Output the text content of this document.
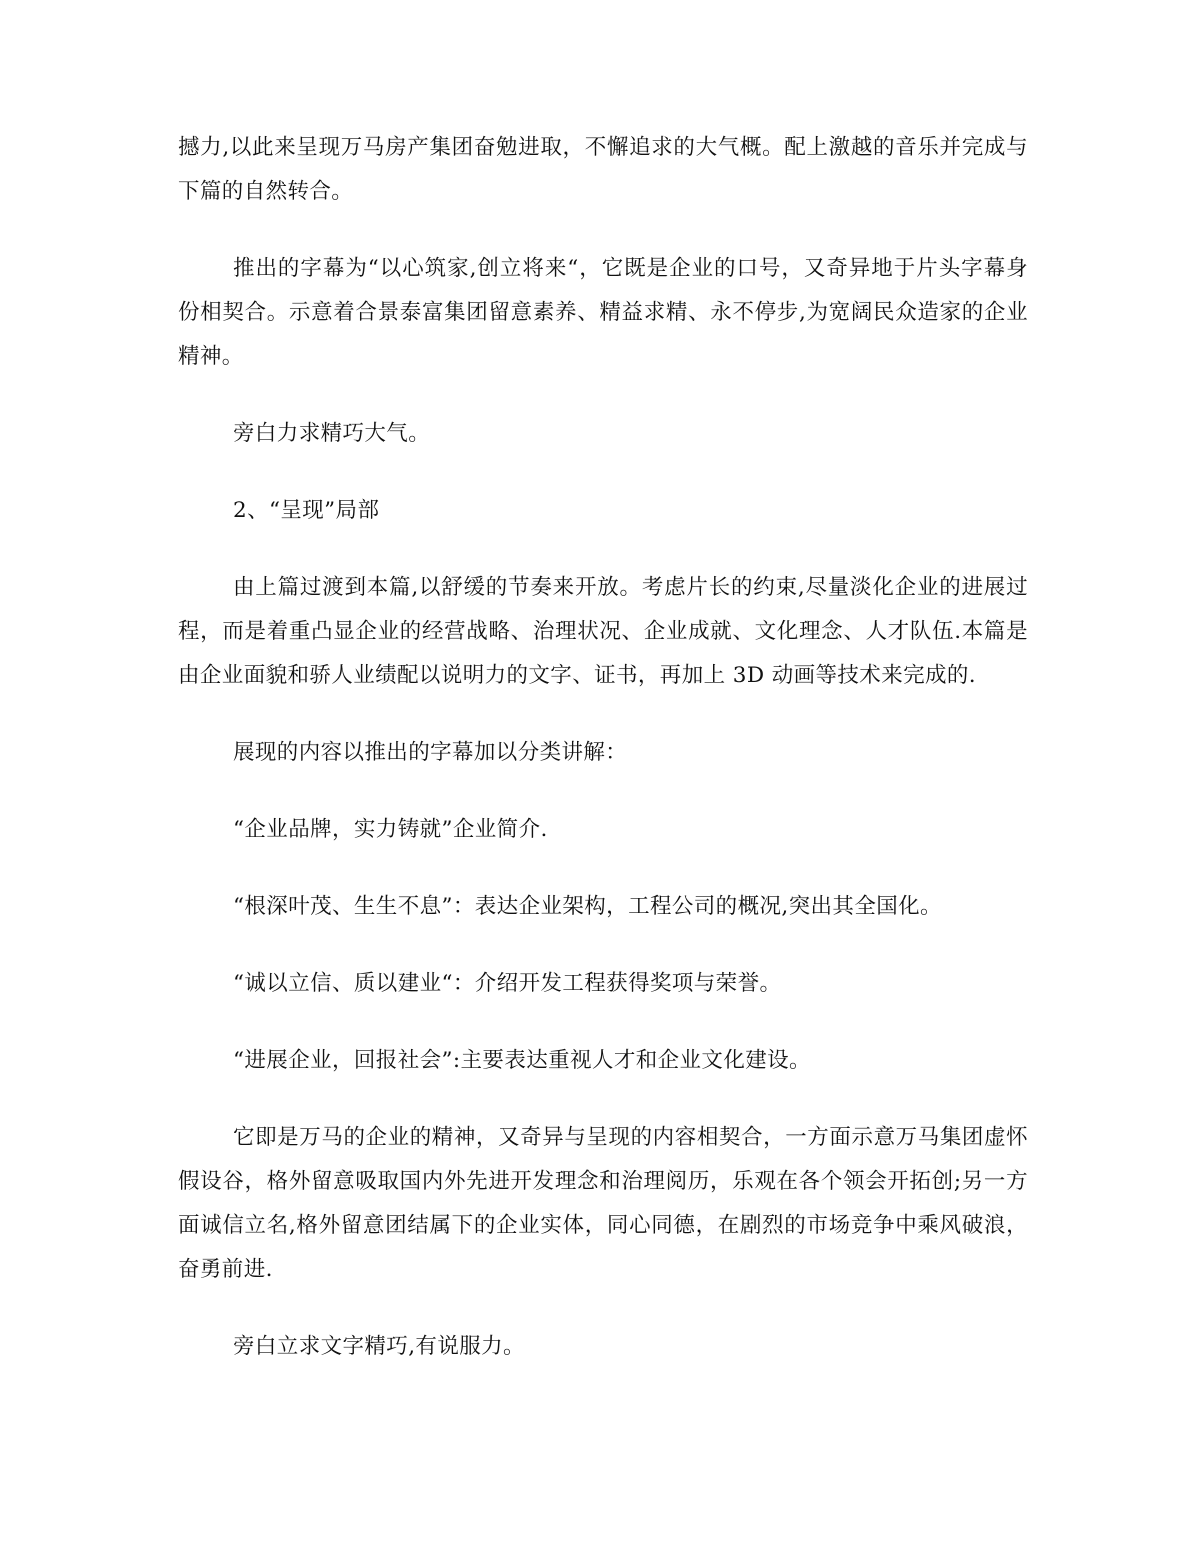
撼力,以此来呈现万马房产集团奋勉进取，不懈追求的大气概。配上激越的音乐并完成与下篇的自然转合。

推出的字幕为“以心筑家,创立将来“，它既是企业的口号，又奇异地于片头字幕身份相契合。示意着合景泰富集团留意素养、精益求精、永不停步,为宽阔民众造家的企业精神。

旁白力求精巧大气。

2、“呈现”局部

由上篇过渡到本篇,以舒缓的节奏来开放。考虑片长的约束,尽量淡化企业的进展过程，而是着重凸显企业的经营战略、治理状况、企业成就、文化理念、人才队伍.本篇是由企业面貌和骄人业绩配以说明力的文字、证书，再加上 3D 动画等技术来完成的.

展现的内容以推出的字幕加以分类讲解：

“企业品牌，实力铸就”企业简介.

“根深叶茂、生生不息”：表达企业架构，工程公司的概况,突出其全国化。

“诚以立信、质以建业“：介绍开发工程获得奖项与荣誉。

“进展企业，回报社会”:主要表达重视人才和企业文化建设。

它即是万马的企业的精神，又奇异与呈现的内容相契合，一方面示意万马集团虚怀假设谷，格外留意吸取国内外先进开发理念和治理阅历，乐观在各个领会开拓创;另一方面诚信立名,格外留意团结属下的企业实体，同心同德，在剧烈的市场竞争中乘风破浪，奋勇前进.

旁白立求文字精巧,有说服力。
